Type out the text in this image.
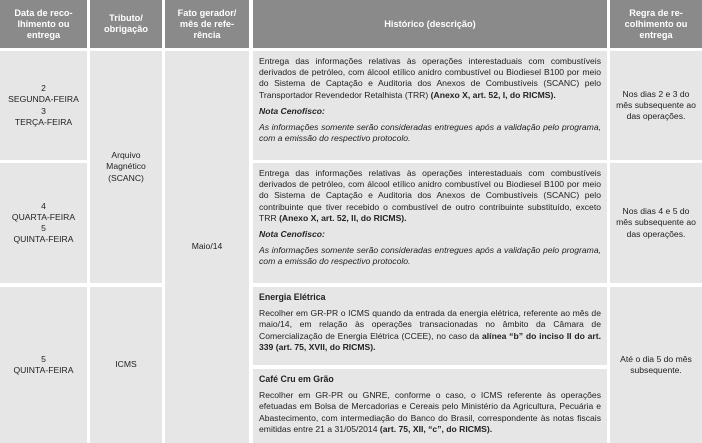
Data de reco-lhimento ou entrega
Tributo/ obrigação
Fato gerador/ mês de refe-rência
Histórico (descrição)
Regra de re-colhimento ou entrega
2
SEGUNDA-FEIRA
3
TERÇA-FEIRA
4
QUARTA-FEIRA
5
QUINTA-FEIRA
5
QUINTA-FEIRA
Arquivo
Magnético
(SCANC)
ICMS
Maio/14

Entrega das informações relativas às operações interestaduais com combustíveis derivados de petróleo, com álcool etílico anidro combustível ou Biodiesel B100 por meio do Sistema de Captação e Auditoria dos Anexos de Combustíveis (SCANC) pelo Transportador Revendedor Retalhista (TRR) (Anexo X, art. 52, I, do RICMS).

Nota Cenofisco:

As informações somente serão consideradas entregues após a validação pelo programa, com a emissão do respectivo protocolo.

Entrega das informações relativas às operações interestaduais com combustíveis derivados de petróleo, com álcool etílico anidro combustível ou Biodiesel B100 por meio do Sistema de Captação e Auditoria dos Anexos de Combustíveis (SCANC) pelo contribuinte que tiver recebido o combustível de outro contribuinte substituído, exceto TRR (Anexo X, art. 52, II, do RICMS).

Nota Cenofisco:

As informações somente serão consideradas entregues após a validação pelo programa, com a emissão do respectivo protocolo.

Energia Elétrica

Recolher em GR-PR o ICMS quando da entrada da energia elétrica, referente ao mês de maio/14, em relação às operações transacionadas no âmbito da Câmara de Comercialização de Energia Elétrica (CCEE), no caso da alínea “b” do inciso II do art. 339 (art. 75, XVII, do RICMS).

Café Cru em Grão

Recolher em GR-PR ou GNRE, conforme o caso, o ICMS referente às operações efetuadas em Bolsa de Mercadorias e Cereais pelo Ministério da Agricultura, Pecuária e Abastecimento, com intermediação do Banco do Brasil, correspondente às notas fiscais emitidas entre 21 a 31/05/2014 (art. 75, XII, “c”, do RICMS).

Nos dias 2 e 3 do mês subsequente ao das operações.
Nos dias 4 e 5 do mês subsequente ao das operações.
Até o dia 5 do mês subsequente.
